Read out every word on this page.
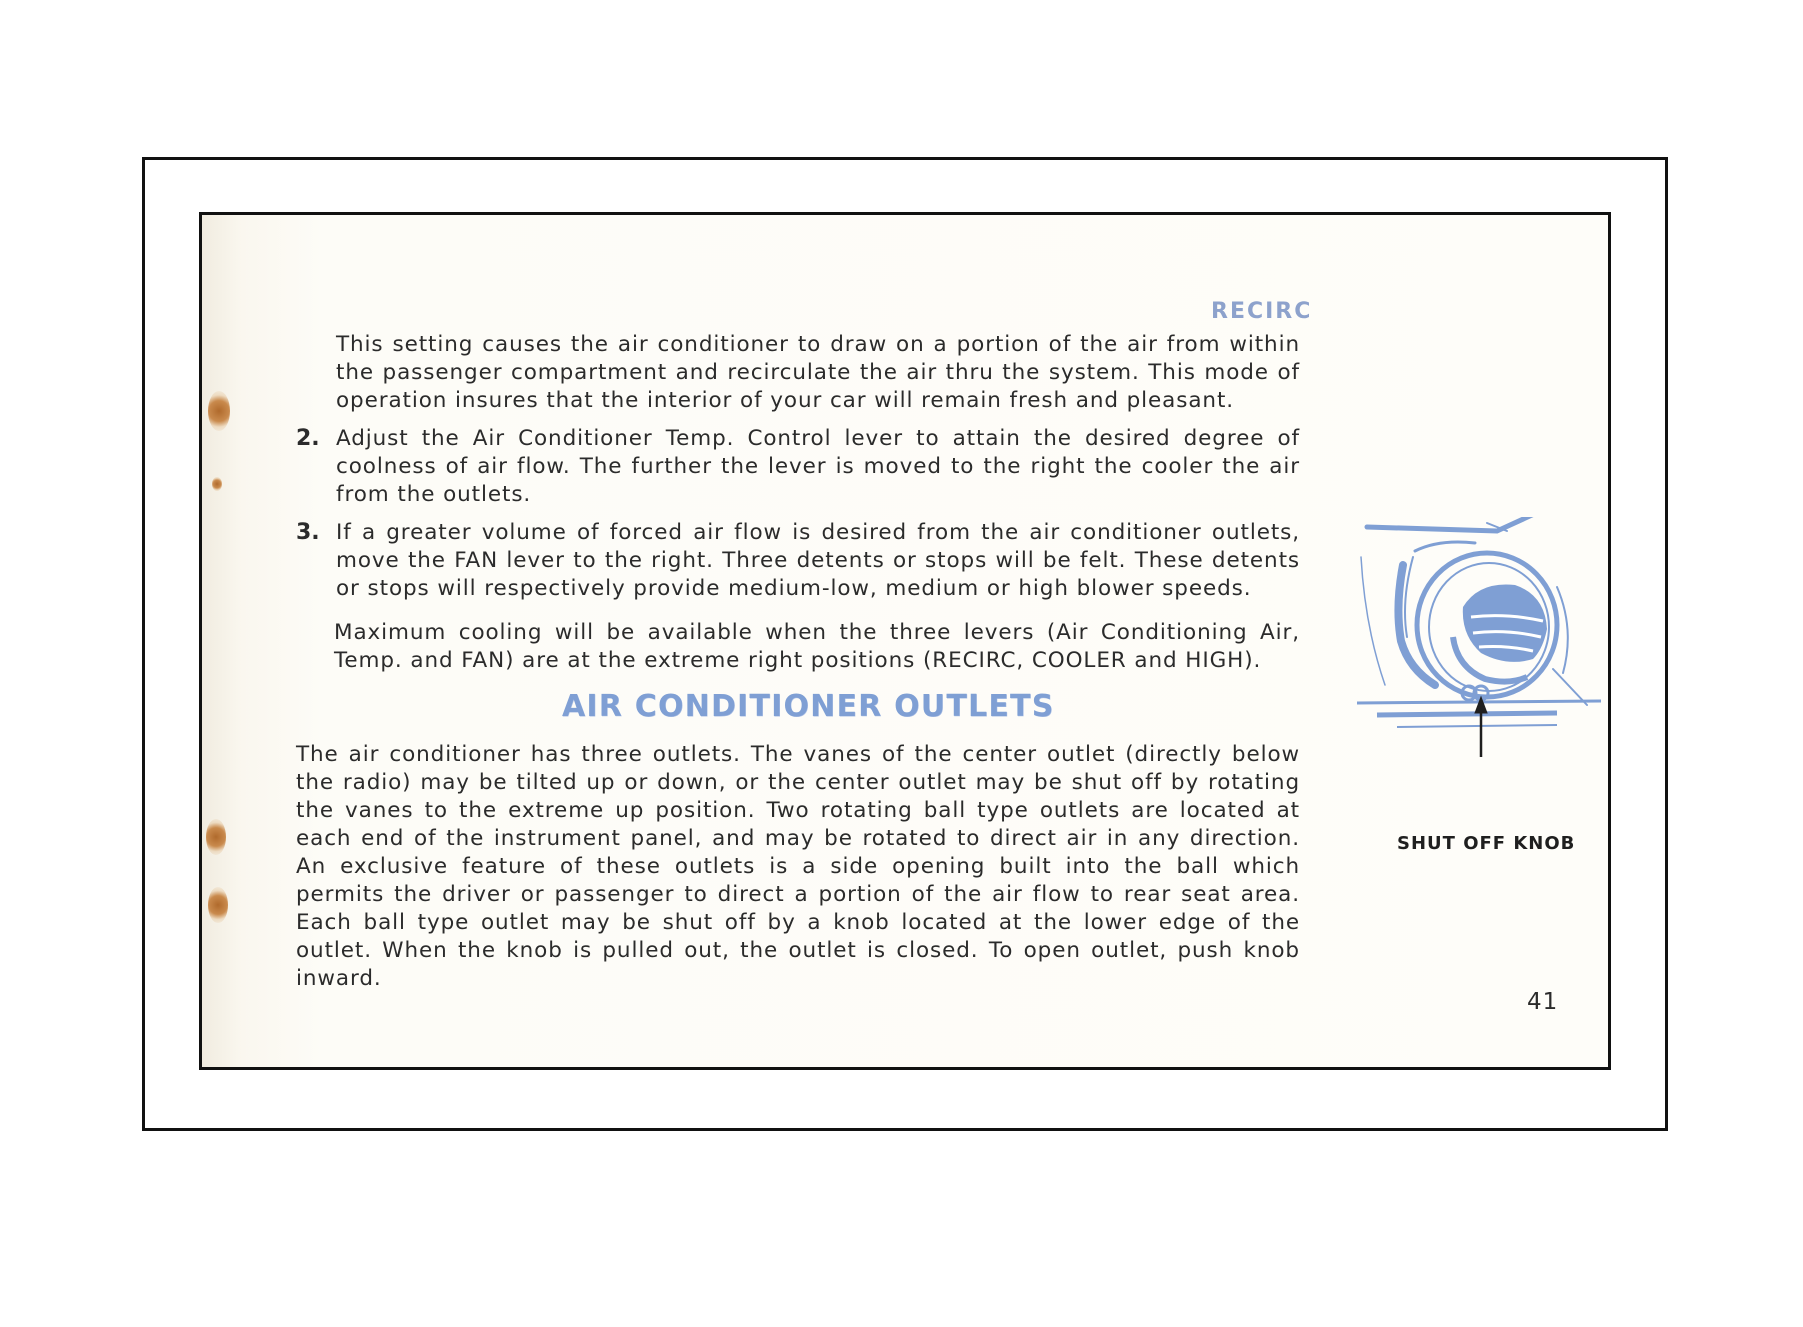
RECIRC
This setting causes the air conditioner to draw on a portion of the air from within the passenger compartment and recirculate the air thru the system. This mode of operation insures that the interior of your car will remain fresh and pleasant.
2. Adjust the Air Conditioner Temp. Control lever to attain the desired degree of coolness of air flow. The further the lever is moved to the right the cooler the air from the outlets.
3. If a greater volume of forced air flow is desired from the air conditioner outlets, move the FAN lever to the right. Three detents or stops will be felt. These detents or stops will respectively provide medium-low, medium or high blower speeds.
Maximum cooling will be available when the three levers (Air Conditioning Air, Temp. and FAN) are at the extreme right positions (RECIRC, COOLER and HIGH).
AIR CONDITIONER OUTLETS
The air conditioner has three outlets. The vanes of the center outlet (directly below the radio) may be tilted up or down, or the center outlet may be shut off by rotating the vanes to the extreme up position. Two rotating ball type outlets are located at each end of the instrument panel, and may be rotated to direct air in any direction. An exclusive feature of these outlets is a side opening built into the ball which permits the driver or passenger to direct a portion of the air flow to rear seat area. Each ball type outlet may be shut off by a knob located at the lower edge of the outlet. When the knob is pulled out, the outlet is closed. To open outlet, push knob inward.
SHUT OFF KNOB
41
